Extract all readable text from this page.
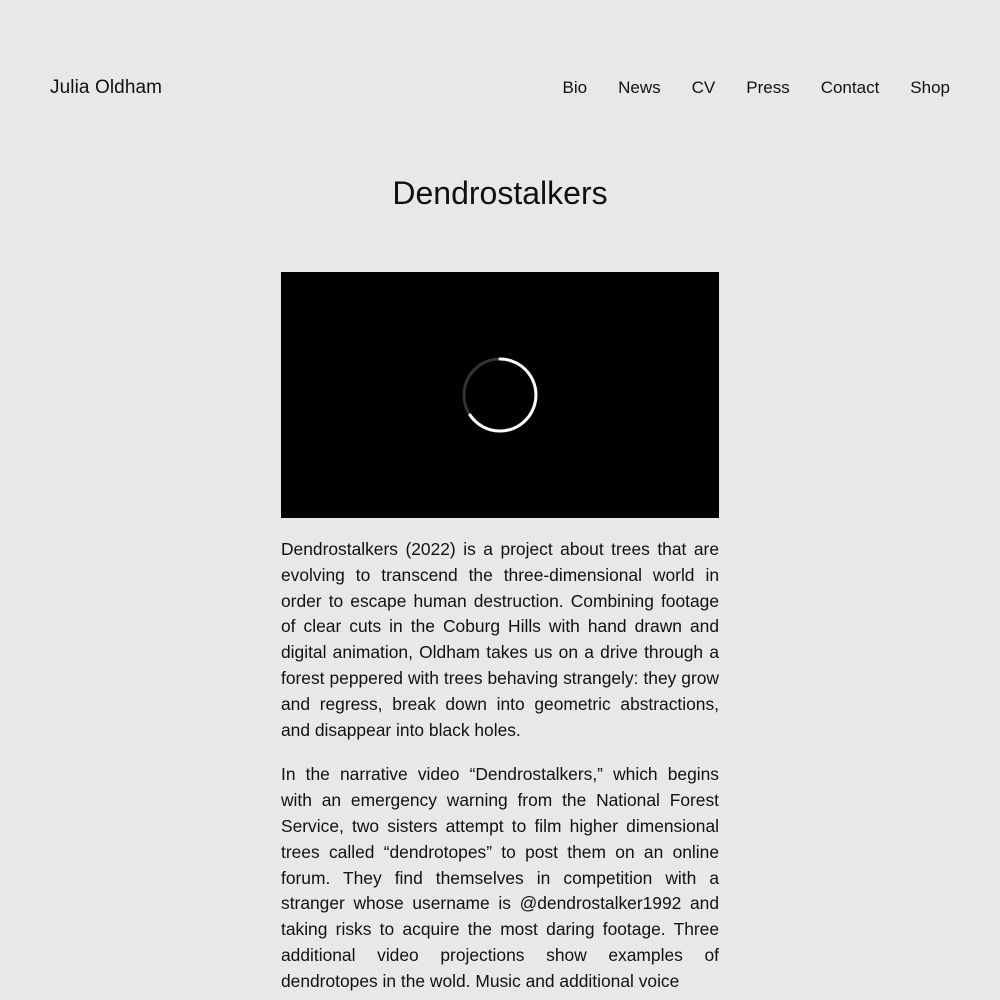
Julia Oldham	Bio News CV Press Contact Shop
Dendrostalkers

Dendrostalkers (2022) is a project about trees that are evolving to transcend the three-dimensional world in order to escape human destruction. Combining footage of clear cuts in the Coburg Hills with hand drawn and digital animation, Oldham takes us on a drive through a forest peppered with trees behaving strangely: they grow and regress, break down into geometric abstractions, and disappear into black holes.

In the narrative video “Dendrostalkers,” which begins with an emergency warning from the National Forest Service, two sisters attempt to film higher dimensional trees called “dendrotopes” to post them on an online forum. They find themselves in competition with a stranger whose username is @dendrostalker1992 and taking risks to acquire the most daring footage. Three additional video projections show examples of dendrotopes in the wold. Music and additional voice
